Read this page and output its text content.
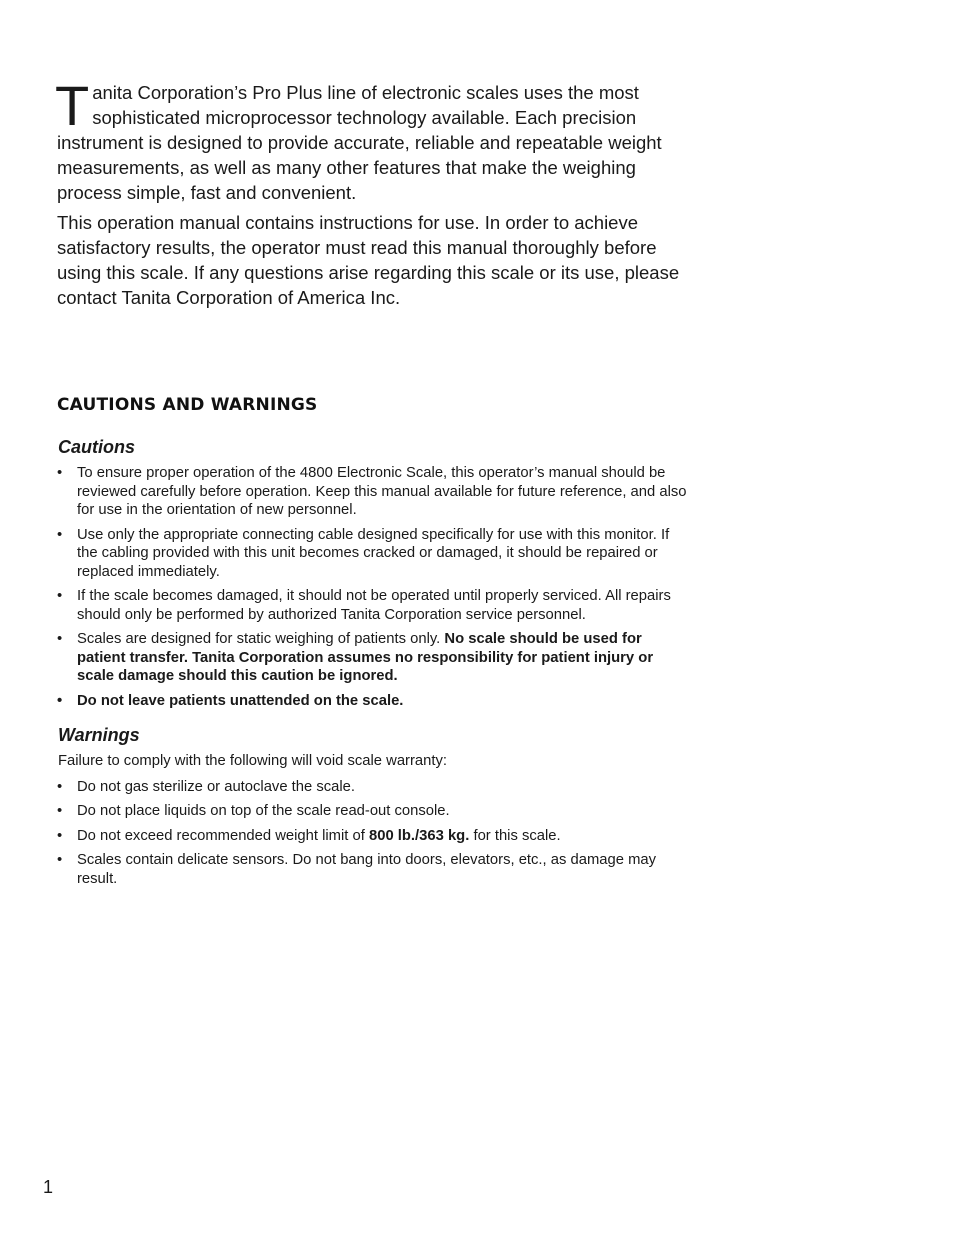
Tanita Corporation’s Pro Plus line of electronic scales uses the most sophisticated microprocessor technology available. Each precision instrument is designed to provide accurate, reliable and repeatable weight measurements, as well as many other features that make the weighing process simple, fast and convenient.

This operation manual contains instructions for use. In order to achieve satisfactory results, the operator must read this manual thoroughly before using this scale. If any questions arise regarding this scale or its use, please contact Tanita Corporation of America Inc.

CAUTIONS AND WARNINGS
Cautions
• To ensure proper operation of the 4800 Electronic Scale, this operator’s manual should be reviewed carefully before operation. Keep this manual available for future reference, and also for use in the orientation of new personnel.
• Use only the appropriate connecting cable designed specifically for use with this monitor. If the cabling provided with this unit becomes cracked or damaged, it should be repaired or replaced immediately.
• If the scale becomes damaged, it should not be operated until properly serviced. All repairs should only be performed by authorized Tanita Corporation service personnel.
• Scales are designed for static weighing of patients only. No scale should be used for patient transfer. Tanita Corporation assumes no responsibility for patient injury or scale damage should this caution be ignored.
• Do not leave patients unattended on the scale.
Warnings

Failure to comply with the following will void scale warranty:

• Do not gas sterilize or autoclave the scale.
• Do not place liquids on top of the scale read-out console.
• Do not exceed recommended weight limit of 800 lb./363 kg. for this scale.
• Scales contain delicate sensors. Do not bang into doors, elevators, etc., as damage may result.

1
